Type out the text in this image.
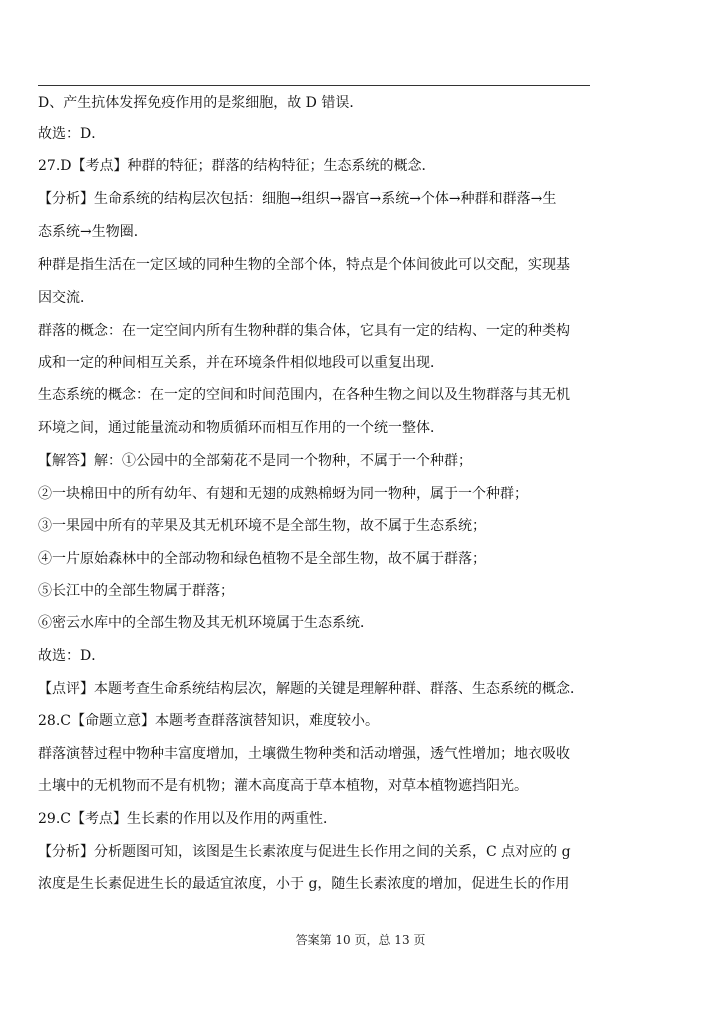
D、产生抗体发挥免疫作用的是浆细胞，故 D 错误．
故选：D．
27.D【考点】种群的特征；群落的结构特征；生态系统的概念．
【分析】生命系统的结构层次包括：细胞→组织→器官→系统→个体→种群和群落→生
态系统→生物圈．
种群是指生活在一定区域的同种生物的全部个体，特点是个体间彼此可以交配，实现基
因交流．
群落的概念：在一定空间内所有生物种群的集合体，它具有一定的结构、一定的种类构
成和一定的种间相互关系，并在环境条件相似地段可以重复出现．
生态系统的概念：在一定的空间和时间范围内，在各种生物之间以及生物群落与其无机
环境之间，通过能量流动和物质循环而相互作用的一个统一整体．
【解答】解：①公园中的全部菊花不是同一个物种，不属于一个种群；
②一块棉田中的所有幼年、有翅和无翅的成熟棉蚜为同一物种，属于一个种群；
③一果园中所有的苹果及其无机环境不是全部生物，故不属于生态系统；
④一片原始森林中的全部动物和绿色植物不是全部生物，故不属于群落；
⑤长江中的全部生物属于群落；
⑥密云水库中的全部生物及其无机环境属于生态系统．
故选：D．
【点评】本题考查生命系统结构层次，解题的关键是理解种群、群落、生态系统的概念．
28.C【命题立意】本题考查群落演替知识，难度较小。
群落演替过程中物种丰富度增加，土壤微生物种类和活动增强，透气性增加；地衣吸收
土壤中的无机物而不是有机物；灌木高度高于草本植物，对草本植物遮挡阳光。
29.C【考点】生长素的作用以及作用的两重性．
【分析】分析题图可知，该图是生长素浓度与促进生长作用之间的关系，C 点对应的 g
浓度是生长素促进生长的最适宜浓度，小于 g，随生长素浓度的增加，促进生长的作用
答案第 10 页，总 13 页
